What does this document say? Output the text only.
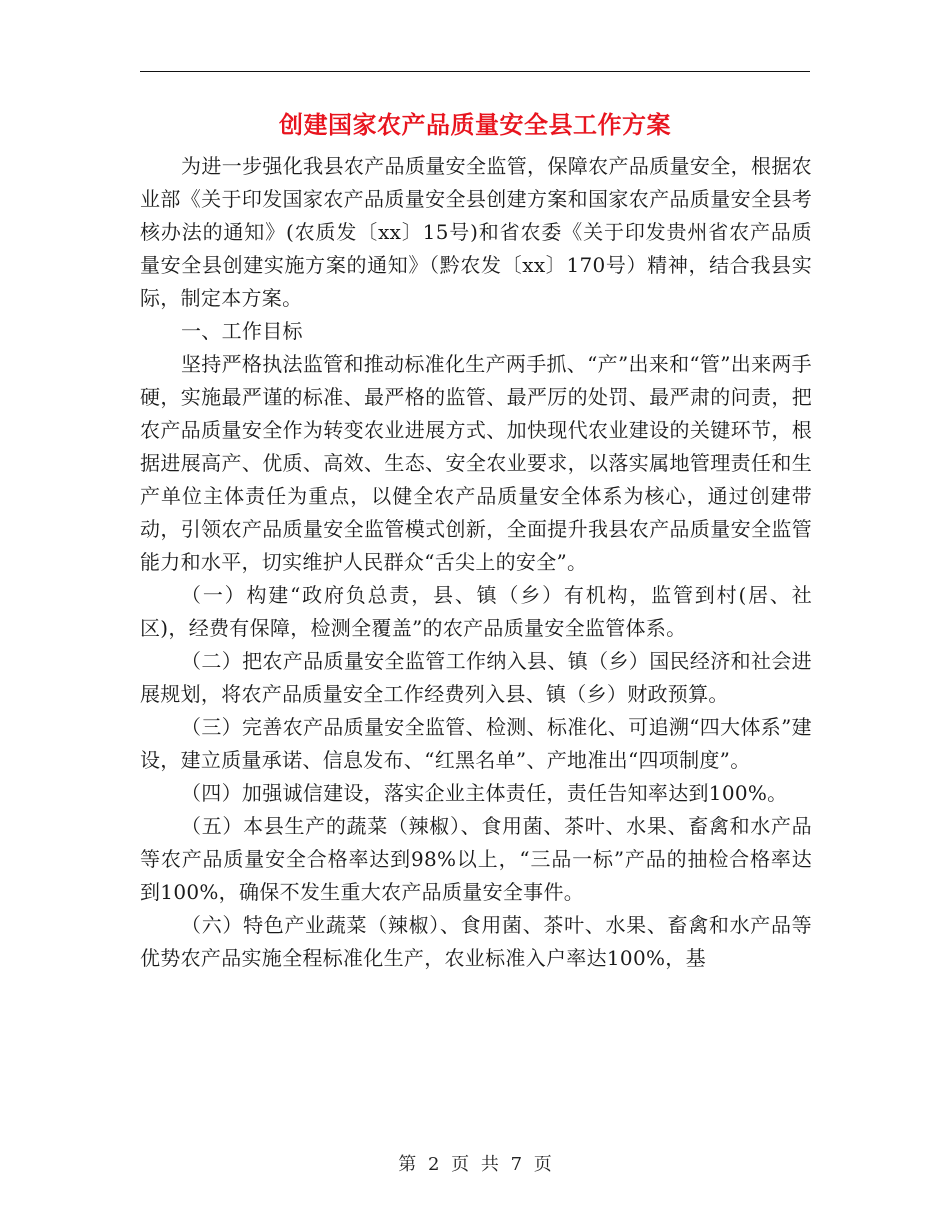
创建国家农产品质量安全县工作方案

为进一步强化我县农产品质量安全监管，保障农产品质量安全，根据农业部《关于印发国家农产品质量安全县创建方案和国家农产品质量安全县考核办法的通知》(农质发〔xx〕15号)和省农委《关于印发贵州省农产品质量安全县创建实施方案的通知》（黔农发〔xx〕170号）精神，结合我县实际，制定本方案。

一、工作目标

坚持严格执法监管和推动标准化生产两手抓、“产”出来和“管”出来两手硬，实施最严谨的标准、最严格的监管、最严厉的处罚、最严肃的问责，把农产品质量安全作为转变农业进展方式、加快现代农业建设的关键环节，根据进展高产、优质、高效、生态、安全农业要求，以落实属地管理责任和生产单位主体责任为重点，以健全农产品质量安全体系为核心，通过创建带动，引领农产品质量安全监管模式创新，全面提升我县农产品质量安全监管能力和水平，切实维护人民群众“舌尖上的安全”。

（一）构建“政府负总责，县、镇（乡）有机构，监管到村(居、社区)，经费有保障，检测全覆盖”的农产品质量安全监管体系。

（二）把农产品质量安全监管工作纳入县、镇（乡）国民经济和社会进展规划，将农产品质量安全工作经费列入县、镇（乡）财政预算。

（三）完善农产品质量安全监管、检测、标准化、可追溯“四大体系”建设，建立质量承诺、信息发布、“红黑名单”、产地准出“四项制度”。

（四）加强诚信建设，落实企业主体责任，责任告知率达到100%。

（五）本县生产的蔬菜（辣椒）、食用菌、茶叶、水果、畜禽和水产品等农产品质量安全合格率达到98%以上，“三品一标”产品的抽检合格率达到100%，确保不发生重大农产品质量安全事件。

（六）特色产业蔬菜（辣椒）、食用菌、茶叶、水果、畜禽和水产品等优势农产品实施全程标准化生产，农业标准入户率达100%，基

第 2 页 共 7 页
